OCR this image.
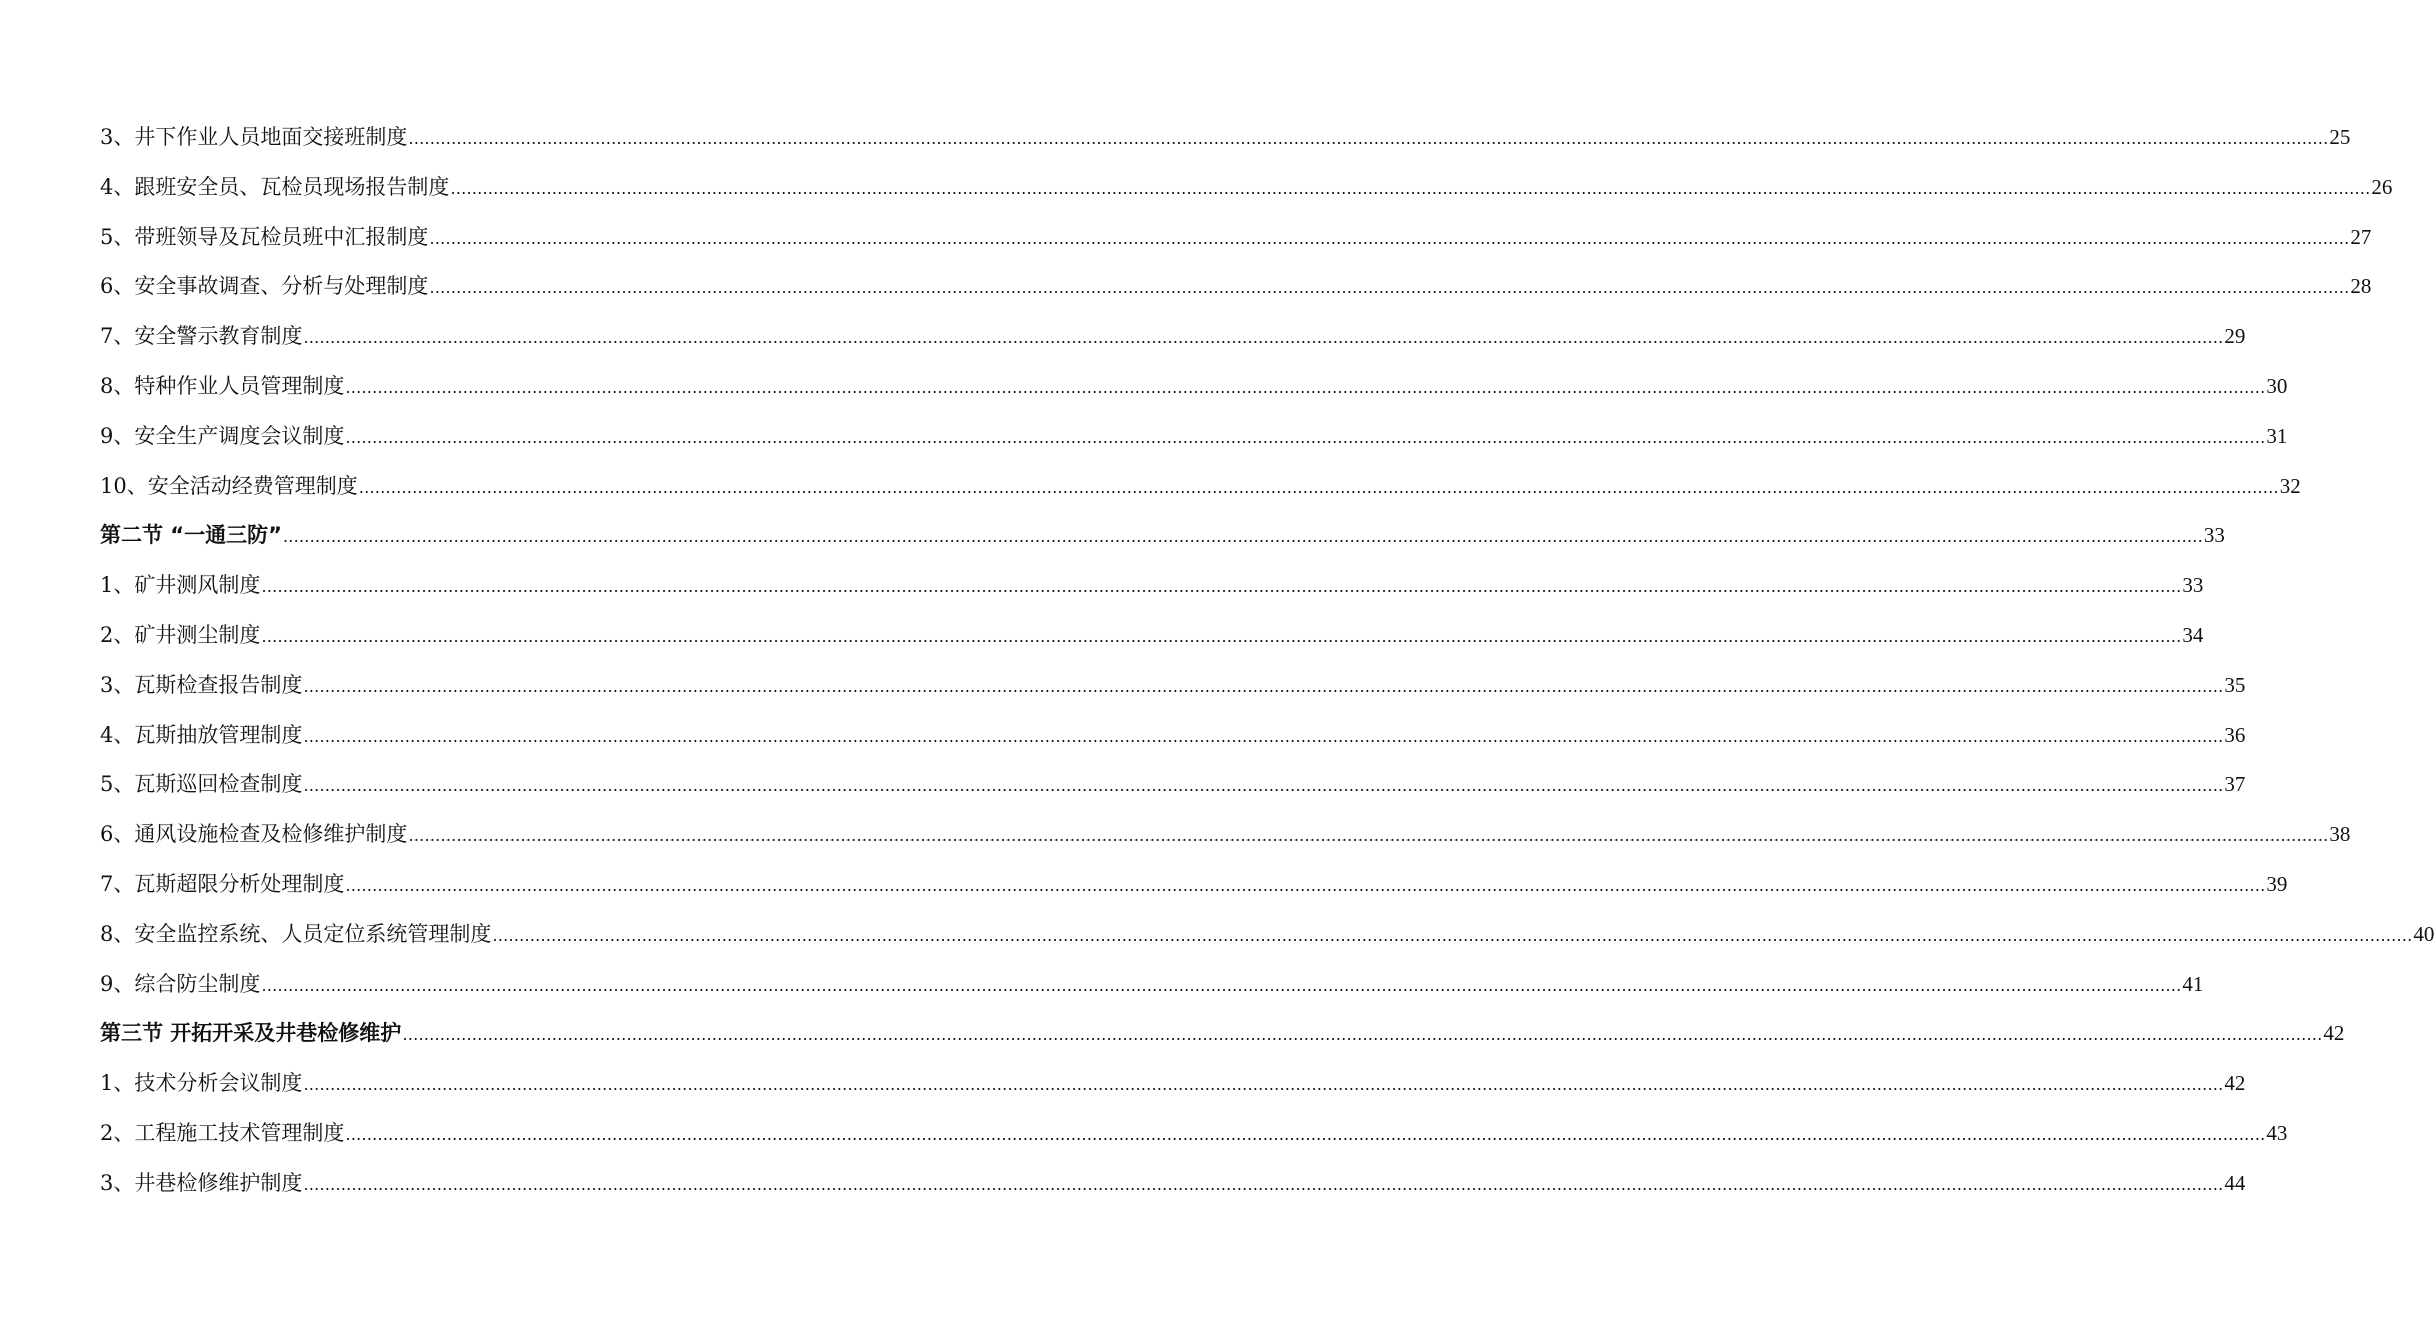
3、井下作业人员地面交接班制度 ……………………………………………………………………………………………………………………………………………………………………………………………………………………………………………………………………………………………………………………………… 25
4、跟班安全员、瓦检员现场报告制度 ……………………………………………………………………………………………………………………………………………………………………………………………………………………………………………………………………………………………………………………………… 26
5、带班领导及瓦检员班中汇报制度 ……………………………………………………………………………………………………………………………………………………………………………………………………………………………………………………………………………………………………………………………… 27
6、安全事故调查、分析与处理制度 ……………………………………………………………………………………………………………………………………………………………………………………………………………………………………………………………………………………………………………………………… 28
7、安全警示教育制度 ……………………………………………………………………………………………………………………………………………………………………………………………………………………………………………………………………………………………………………………………… 29
8、特种作业人员管理制度 ……………………………………………………………………………………………………………………………………………………………………………………………………………………………………………………………………………………………………………………………… 30
9、安全生产调度会议制度 ……………………………………………………………………………………………………………………………………………………………………………………………………………………………………………………………………………………………………………………………… 31
10、安全活动经费管理制度 ……………………………………………………………………………………………………………………………………………………………………………………………………………………………………………………………………………………………………………………………… 32
第二节 “一通三防” ……………………………………………………………………………………………………………………………………………………………………………………………………………………………………………………………………………………………………………………………… 33
1、矿井测风制度 ……………………………………………………………………………………………………………………………………………………………………………………………………………………………………………………………………………………………………………………………… 33
2、矿井测尘制度 ……………………………………………………………………………………………………………………………………………………………………………………………………………………………………………………………………………………………………………………………… 34
3、瓦斯检查报告制度 ……………………………………………………………………………………………………………………………………………………………………………………………………………………………………………………………………………………………………………………………… 35
4、瓦斯抽放管理制度 ……………………………………………………………………………………………………………………………………………………………………………………………………………………………………………………………………………………………………………………………… 36
5、瓦斯巡回检查制度 ……………………………………………………………………………………………………………………………………………………………………………………………………………………………………………………………………………………………………………………………… 37
6、通风设施检查及检修维护制度 ……………………………………………………………………………………………………………………………………………………………………………………………………………………………………………………………………………………………………………………………… 38
7、瓦斯超限分析处理制度 ……………………………………………………………………………………………………………………………………………………………………………………………………………………………………………………………………………………………………………………………… 39
8、安全监控系统、人员定位系统管理制度 ……………………………………………………………………………………………………………………………………………………………………………………………………………………………………………………………………………………………………………………………… 40
9、综合防尘制度 ……………………………………………………………………………………………………………………………………………………………………………………………………………………………………………………………………………………………………………………………… 41
第三节 开拓开采及井巷检修维护 ……………………………………………………………………………………………………………………………………………………………………………………………………………………………………………………………………………………………………………………………… 42
1、技术分析会议制度 ……………………………………………………………………………………………………………………………………………………………………………………………………………………………………………………………………………………………………………………………… 42
2、工程施工技术管理制度 ……………………………………………………………………………………………………………………………………………………………………………………………………………………………………………………………………………………………………………………………… 43
3、井巷检修维护制度 ……………………………………………………………………………………………………………………………………………………………………………………………………………………………………………………………………………………………………………………………… 44
